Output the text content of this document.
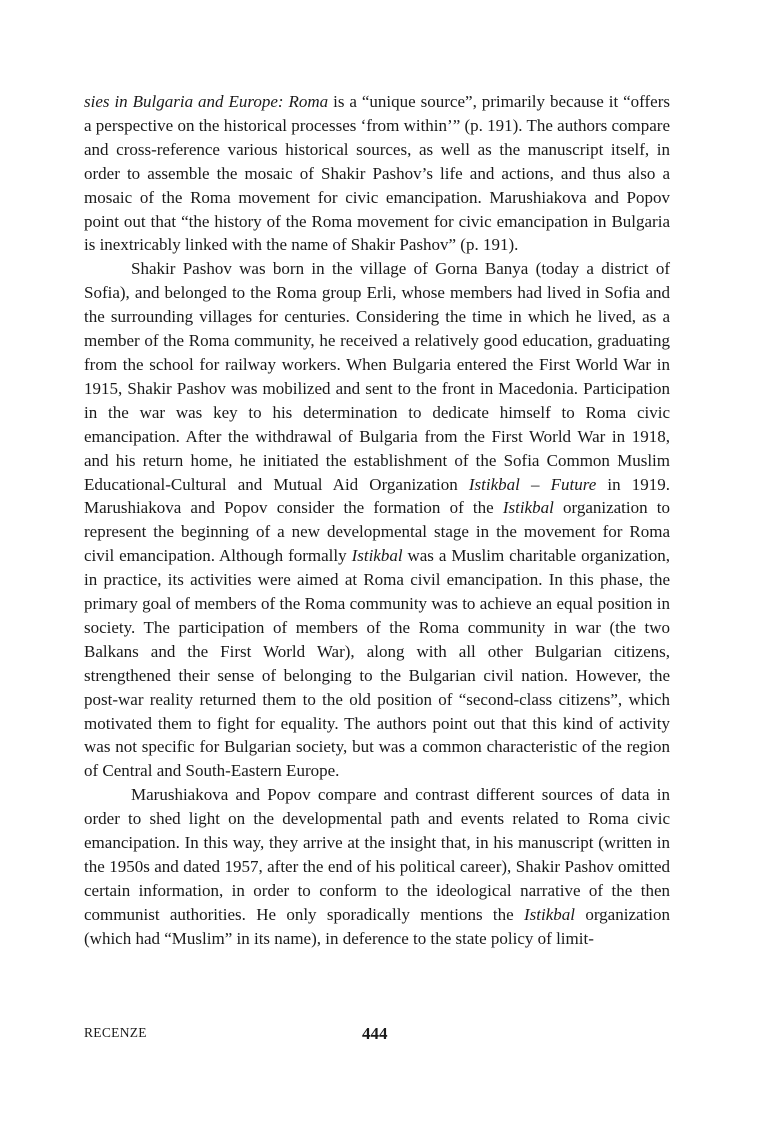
sies in Bulgaria and Europe: Roma is a “unique source”, primarily because it “offers a perspective on the historical processes ‘from within’” (p. 191). The authors compare and cross-reference various historical sources, as well as the manuscript itself, in order to assemble the mosaic of Shakir Pashov’s life and actions, and thus also a mosaic of the Roma movement for civic emancipation. Marushiakova and Popov point out that “the history of the Roma movement for civic emancipation in Bulgaria is inextricably linked with the name of Shakir Pashov” (p. 191).

Shakir Pashov was born in the village of Gorna Banya (today a district of Sofia), and belonged to the Roma group Erli, whose members had lived in Sofia and the surrounding villages for centuries. Considering the time in which he lived, as a member of the Roma community, he received a relatively good education, graduating from the school for railway workers. When Bulgaria entered the First World War in 1915, Shakir Pashov was mobilized and sent to the front in Macedonia. Participation in the war was key to his determination to dedicate himself to Roma civic emancipation. After the withdrawal of Bulgaria from the First World War in 1918, and his return home, he initiated the establishment of the Sofia Common Muslim Educational-Cultural and Mutual Aid Organization Istikbal – Future in 1919. Marushiakova and Popov consider the formation of the Istikbal organization to represent the beginning of a new developmental stage in the movement for Roma civil emancipation. Although formally Istikbal was a Muslim charitable organization, in practice, its activities were aimed at Roma civil emancipation. In this phase, the primary goal of members of the Roma community was to achieve an equal position in society. The participation of members of the Roma community in war (the two Balkans and the First World War), along with all other Bulgarian citizens, strengthened their sense of belonging to the Bulgarian civil nation. However, the post-war reality returned them to the old position of “second-class citizens”, which motivated them to fight for equality. The authors point out that this kind of activity was not specific for Bulgarian society, but was a common characteristic of the region of Central and South-Eastern Europe.

Marushiakova and Popov compare and contrast different sources of data in order to shed light on the developmental path and events related to Roma civic emancipation. In this way, they arrive at the insight that, in his manuscript (written in the 1950s and dated 1957, after the end of his political career), Shakir Pashov omitted certain information, in order to conform to the ideological narrative of the then communist authorities. He only sporadically mentions the Istikbal organization (which had “Muslim” in its name), in deference to the state policy of limit-

RECENZE	444
